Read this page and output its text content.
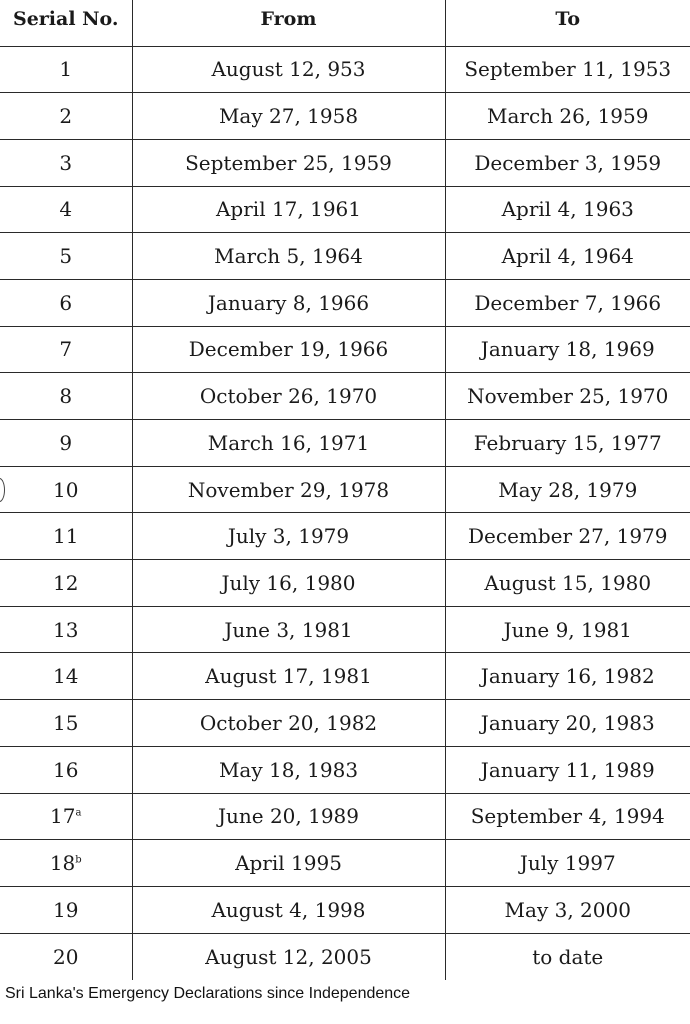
Serial No.	From	To
1	August 12, 953	September 11, 1953
2	May 27, 1958	March 26, 1959
3	September 25, 1959	December 3, 1959
4	April 17, 1961	April 4, 1963
5	March 5, 1964	April 4, 1964
6	January 8, 1966	December 7, 1966
7	December 19, 1966	January 18, 1969
8	October 26, 1970	November 25, 1970
9	March 16, 1971	February 15, 1977
10	November 29, 1978	May 28, 1979
11	July 3, 1979	December 27, 1979
12	July 16, 1980	August 15, 1980
13	June 3, 1981	June 9, 1981
14	August 17, 1981	January 16, 1982
15	October 20, 1982	January 20, 1983
16	May 18, 1983	January 11, 1989
17$^a$	June 20, 1989	September 4, 1994
18$^b$	April 1995	July 1997
19	August 4, 1998	May 3, 2000
20	August 12, 2005	to date
Sri Lanka's Emergency Declarations since Independence
